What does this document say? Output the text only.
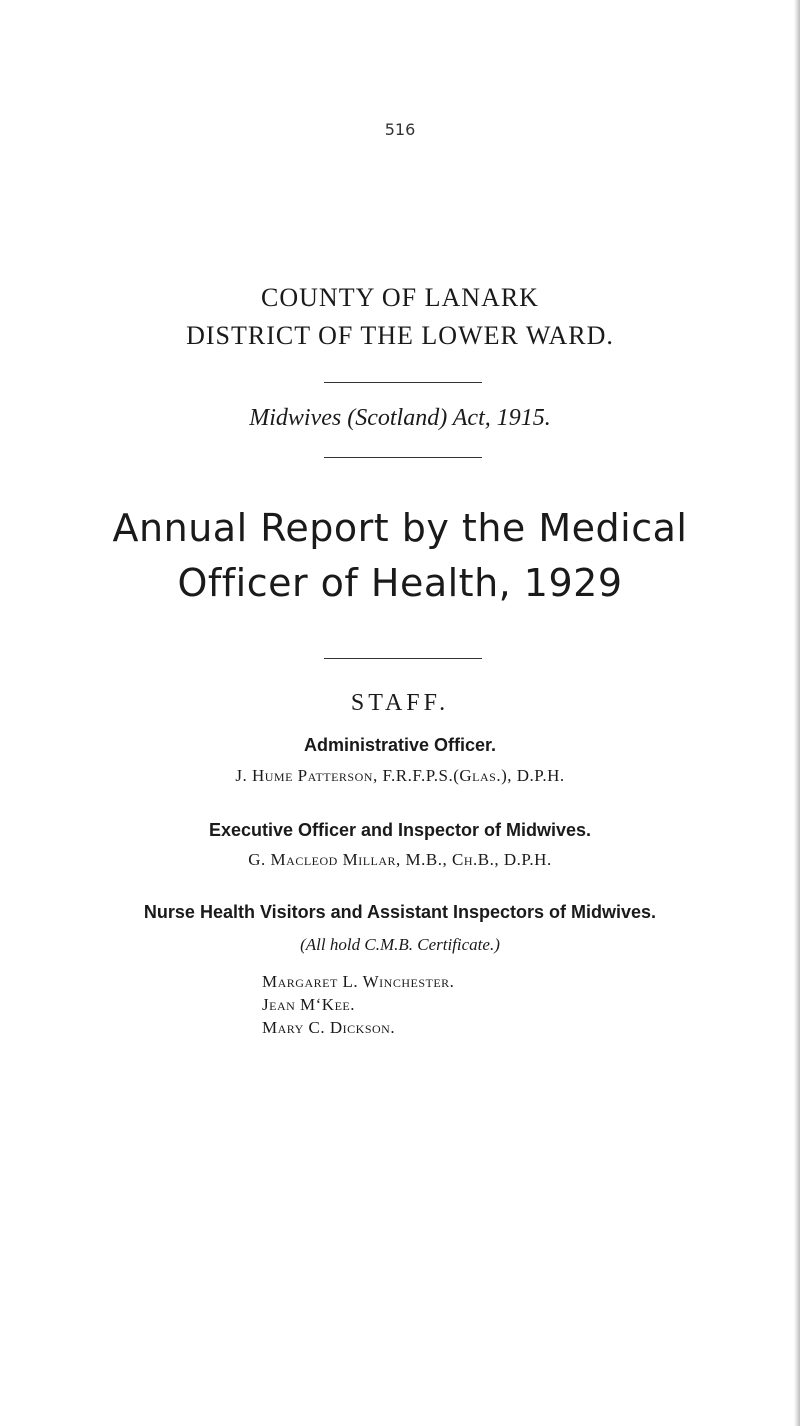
516
COUNTY OF LANARK
DISTRICT OF THE LOWER WARD.
Midwives (Scotland) Act, 1915.
Annual Report by the Medical
Officer of Health, 1929
STAFF.
Administrative Officer.
J. Hume Patterson, F.R.F.P.S.(Glas.), D.P.H.
Executive Officer and Inspector of Midwives.
G. Macleod Millar, M.B., Ch.B., D.P.H.
Nurse Health Visitors and Assistant Inspectors of Midwives.
(All hold C.M.B. Certificate.)
Margaret L. Winchester.
Jean M‘Kee.
Mary C. Dickson.
